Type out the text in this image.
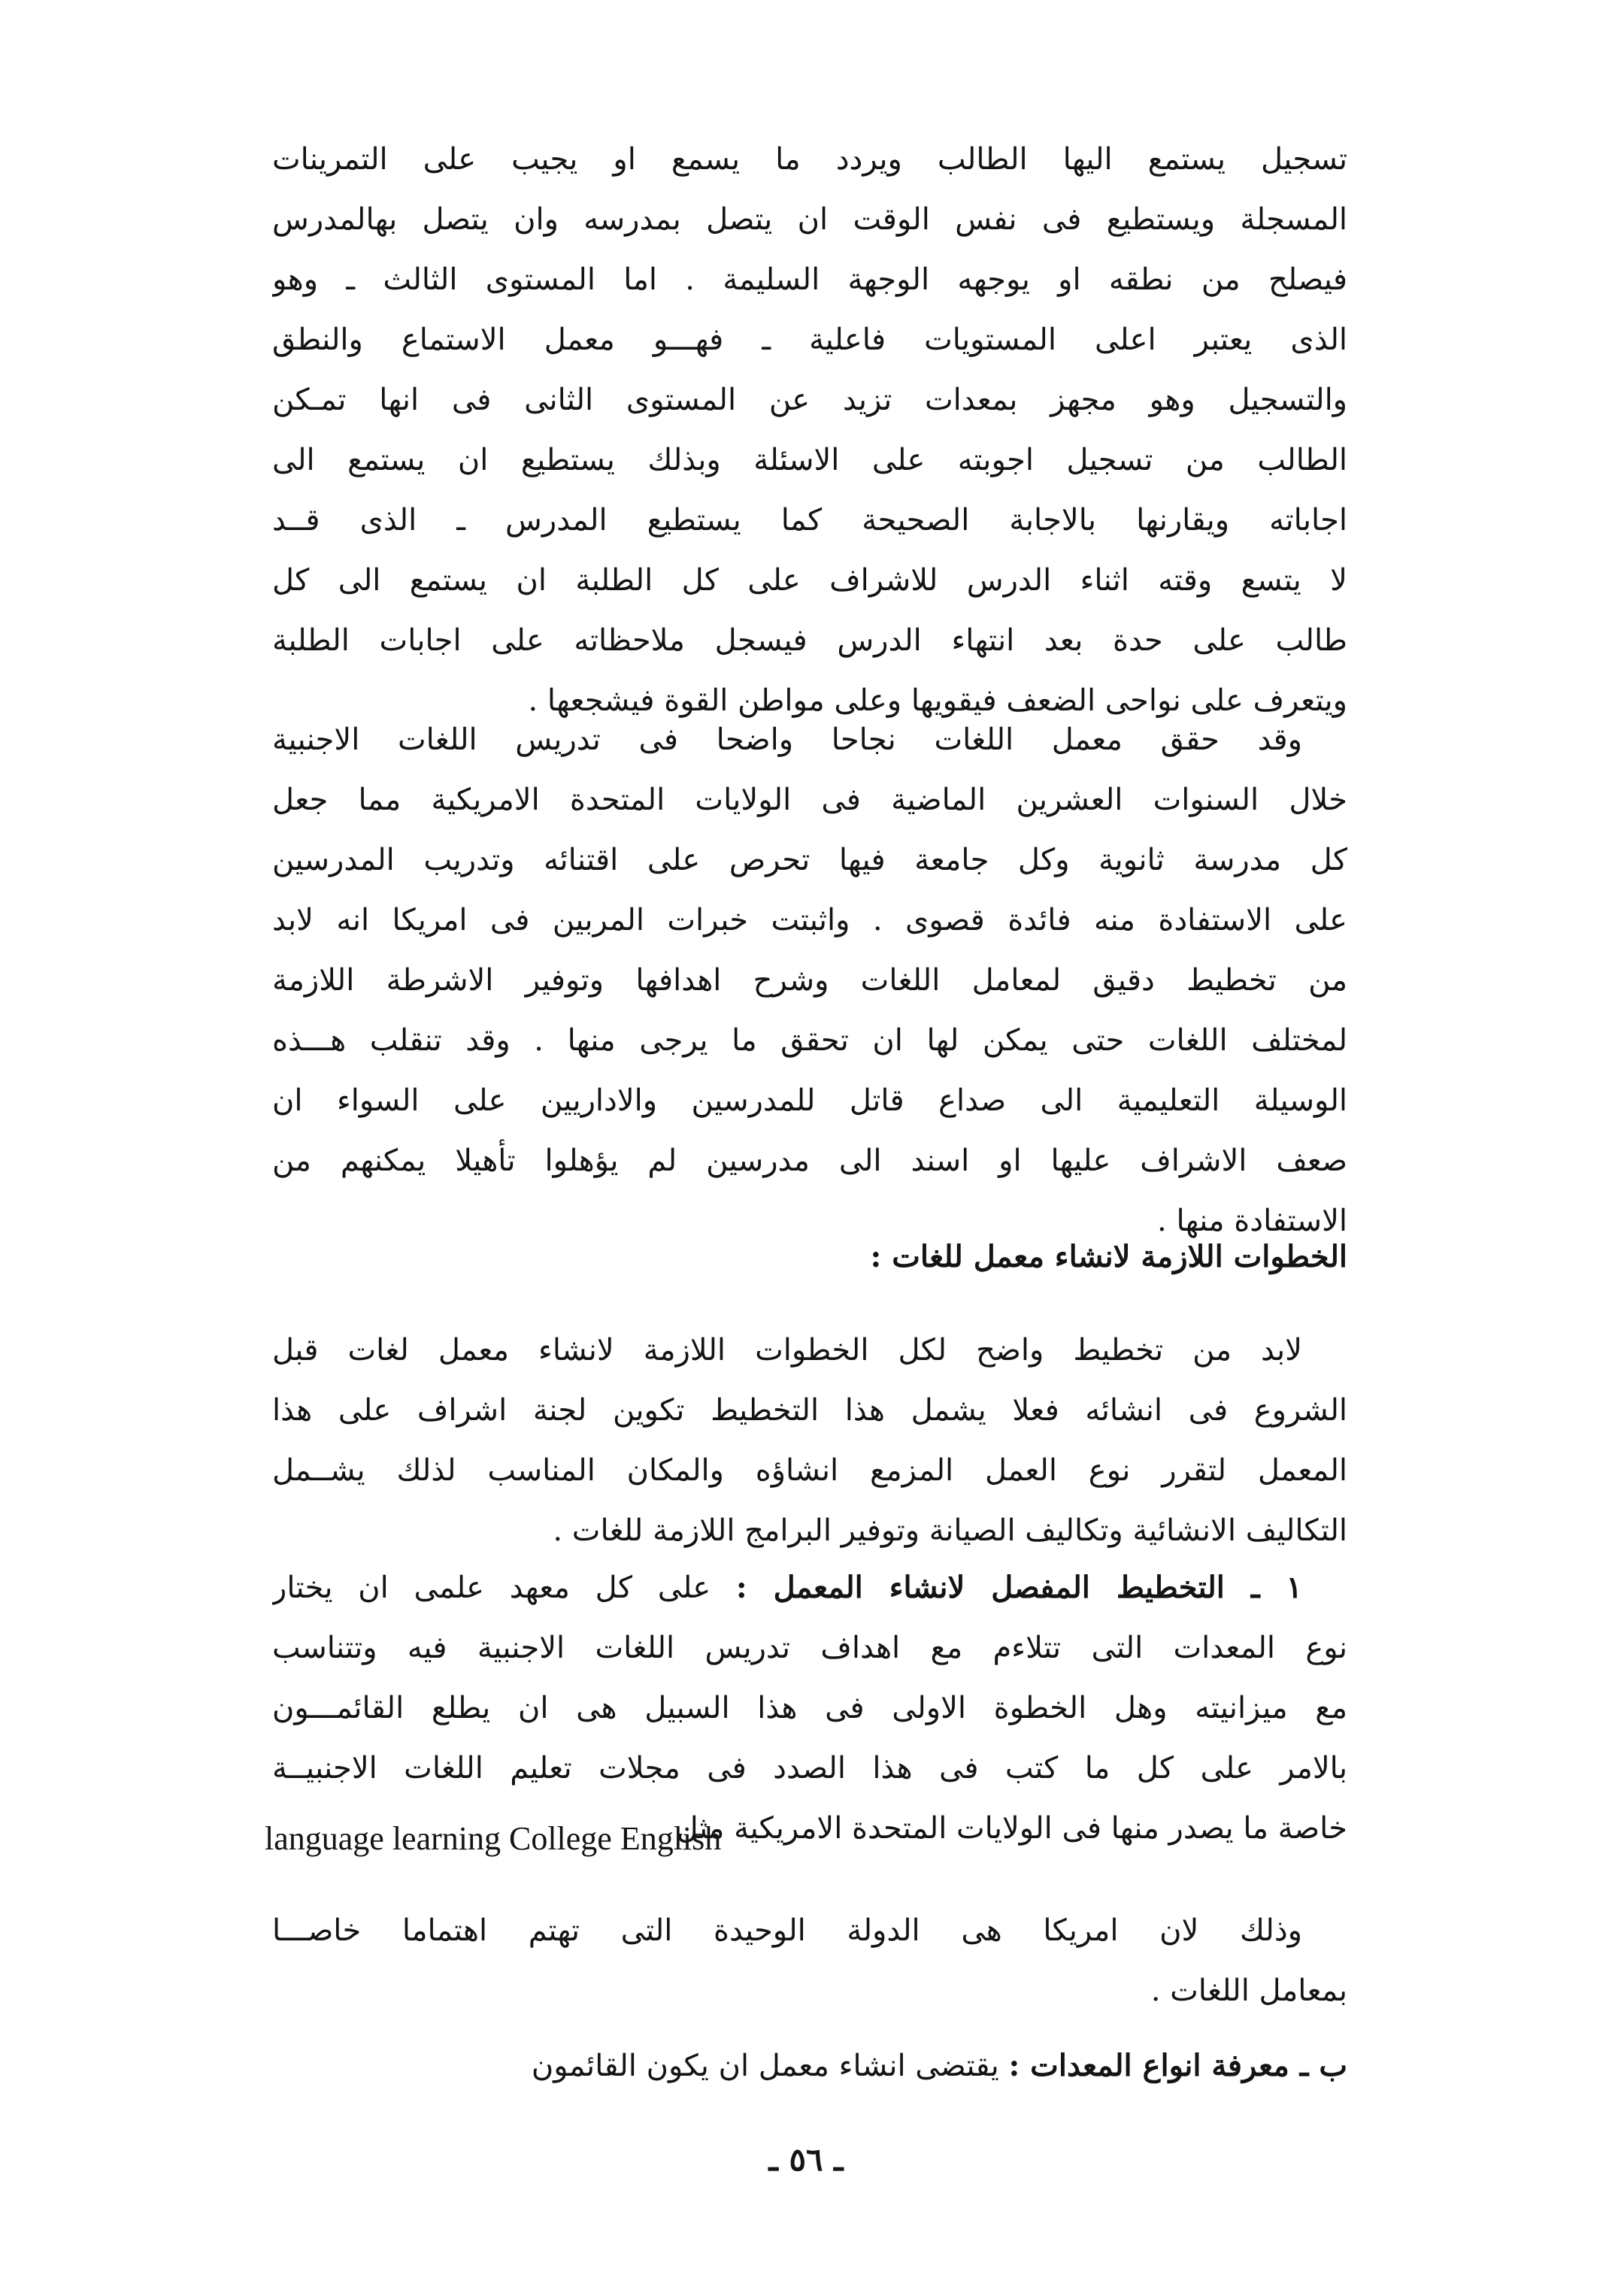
تسجيل يستمع اليها الطالب ويردد ما يسمع او يجيب على التمرينات
المسجلة ويستطيع فى نفس الوقت ان يتصل بمدرسه وان يتصل بهالمدرس
فيصلح من نطقه او يوجهه الوجهة السليمة . اما المستوى الثالث ـ وهو
الذى يعتبر اعلى المستويات فاعلية ـ فهـــو معمل الاستماع والنطق
والتسجيل وهو مجهز بمعدات تزيد عن المستوى الثانى فى انها تمـكن
الطالب من تسجيل اجوبته على الاسئلة وبذلك يستطيع ان يستمع الى
اجاباته ويقارنها بالاجابة الصحيحة كما يستطيع المدرس ـ الذى قــد
لا يتسع وقته اثناء الدرس للاشراف على كل الطلبة ان يستمع الى كل
طالب على حدة بعد انتهاء الدرس فيسجل ملاحظاته على اجابات الطلبة
ويتعرف على نواحى الضعف فيقويها وعلى مواطن القوة فيشجعها .
وقد حقق معمل اللغات نجاحا واضحا فى تدريس اللغات الاجنبية
خلال السنوات العشرين الماضية فى الولايات المتحدة الامريكية مما جعل
كل مدرسة ثانوية وكل جامعة فيها تحرص على اقتنائه وتدريب المدرسين
على الاستفادة منه فائدة قصوى . واثبتت خبرات المربين فى امريكا انه لابد
من تخطيط دقيق لمعامل اللغات وشرح اهدافها وتوفير الاشرطة اللازمة
لمختلف اللغات حتى يمكن لها ان تحقق ما يرجى منها . وقد تنقلب هـــذه
الوسيلة التعليمية الى صداع قاتل للمدرسين والاداريين على السواء ان
صعف الاشراف عليها او اسند الى مدرسين لم يؤهلوا تأهيلا يمكنهم من
الاستفادة منها .
الخطوات اللازمة لانشاء معمل للغات :
لابد من تخطيط واضح لكل الخطوات اللازمة لانشاء معمل لغات قبل
الشروع فى انشائه فعلا يشمل هذا التخطيط تكوين لجنة اشراف على هذا
المعمل لتقرر نوع العمل المزمع انشاؤه والمكان المناسب لذلك يشــمل
التكاليف الانشائية وتكاليف الصيانة وتوفير البرامج اللازمة للغات .
١ ـ التخطيط المفصل لانشاء المعمل : على كل معهد علمى ان يختار
نوع المعدات التى تتلاءم مع اهداف تدريس اللغات الاجنبية فيه وتتناسب
مع ميزانيته وهل الخطوة الاولى فى هذا السبيل هى ان يطلع القائمـــون
بالامر على كل ما كتب فى هذا الصدد فى مجلات تعليم اللغات الاجنبيــة
خاصة ما يصدر منها فى الولايات المتحدة الامريكية مثل
language learning College English
وذلك لان امريكا هى الدولة الوحيدة التى تهتم اهتماما خاصـــا
بمعامل اللغات .
ب ـ معرفة انواع المعدات : يقتضى انشاء معمل ان يكون القائمون
ـ ٥٦ ـ
